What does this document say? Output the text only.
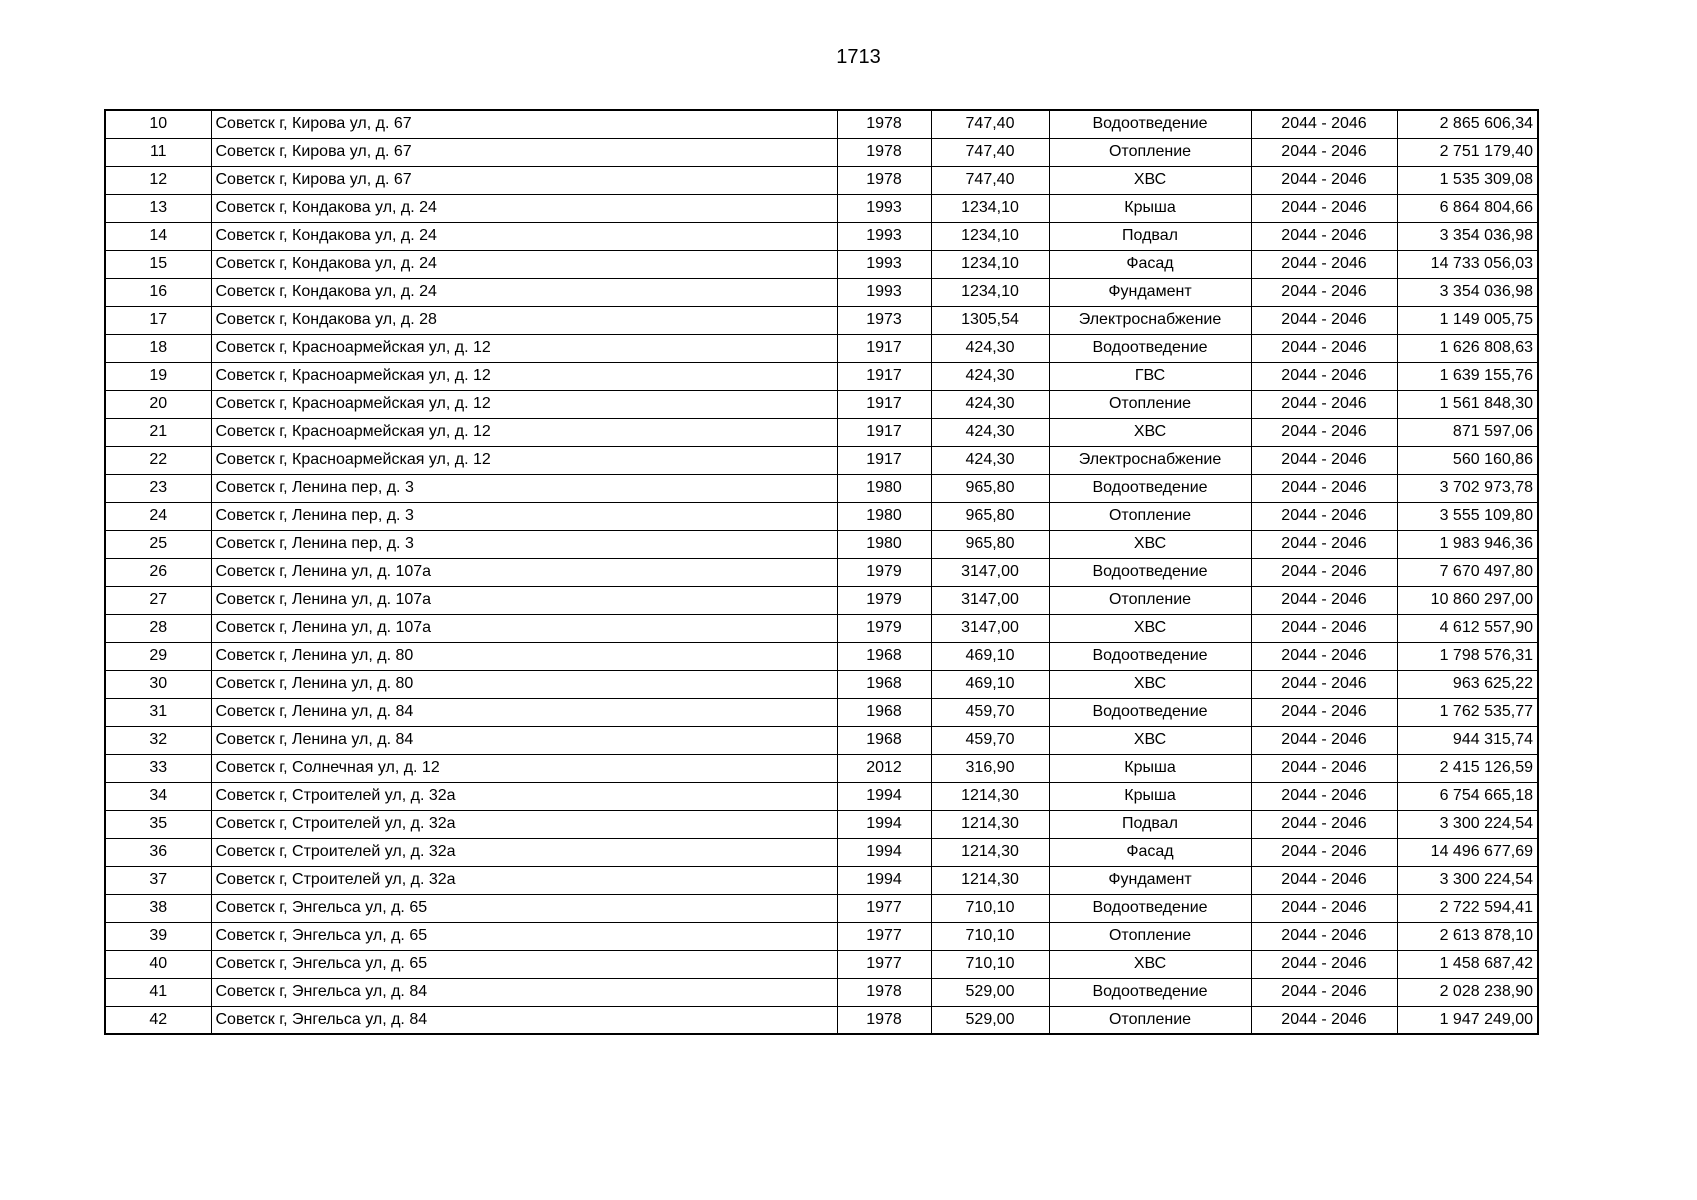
1713
10	Советск г, Кирова ул, д. 67	1978	747,40	Водоотведение	2044 - 2046	2 865 606,34
11	Советск г, Кирова ул, д. 67	1978	747,40	Отопление	2044 - 2046	2 751 179,40
12	Советск г, Кирова ул, д. 67	1978	747,40	ХВС	2044 - 2046	1 535 309,08
13	Советск г, Кондакова ул, д. 24	1993	1234,10	Крыша	2044 - 2046	6 864 804,66
14	Советск г, Кондакова ул, д. 24	1993	1234,10	Подвал	2044 - 2046	3 354 036,98
15	Советск г, Кондакова ул, д. 24	1993	1234,10	Фасад	2044 - 2046	14 733 056,03
16	Советск г, Кондакова ул, д. 24	1993	1234,10	Фундамент	2044 - 2046	3 354 036,98
17	Советск г, Кондакова ул, д. 28	1973	1305,54	Электроснабжение	2044 - 2046	1 149 005,75
18	Советск г, Красноармейская ул, д. 12	1917	424,30	Водоотведение	2044 - 2046	1 626 808,63
19	Советск г, Красноармейская ул, д. 12	1917	424,30	ГВС	2044 - 2046	1 639 155,76
20	Советск г, Красноармейская ул, д. 12	1917	424,30	Отопление	2044 - 2046	1 561 848,30
21	Советск г, Красноармейская ул, д. 12	1917	424,30	ХВС	2044 - 2046	871 597,06
22	Советск г, Красноармейская ул, д. 12	1917	424,30	Электроснабжение	2044 - 2046	560 160,86
23	Советск г, Ленина пер, д. 3	1980	965,80	Водоотведение	2044 - 2046	3 702 973,78
24	Советск г, Ленина пер, д. 3	1980	965,80	Отопление	2044 - 2046	3 555 109,80
25	Советск г, Ленина пер, д. 3	1980	965,80	ХВС	2044 - 2046	1 983 946,36
26	Советск г, Ленина ул, д. 107а	1979	3147,00	Водоотведение	2044 - 2046	7 670 497,80
27	Советск г, Ленина ул, д. 107а	1979	3147,00	Отопление	2044 - 2046	10 860 297,00
28	Советск г, Ленина ул, д. 107а	1979	3147,00	ХВС	2044 - 2046	4 612 557,90
29	Советск г, Ленина ул, д. 80	1968	469,10	Водоотведение	2044 - 2046	1 798 576,31
30	Советск г, Ленина ул, д. 80	1968	469,10	ХВС	2044 - 2046	963 625,22
31	Советск г, Ленина ул, д. 84	1968	459,70	Водоотведение	2044 - 2046	1 762 535,77
32	Советск г, Ленина ул, д. 84	1968	459,70	ХВС	2044 - 2046	944 315,74
33	Советск г, Солнечная ул, д. 12	2012	316,90	Крыша	2044 - 2046	2 415 126,59
34	Советск г, Строителей ул, д. 32а	1994	1214,30	Крыша	2044 - 2046	6 754 665,18
35	Советск г, Строителей ул, д. 32а	1994	1214,30	Подвал	2044 - 2046	3 300 224,54
36	Советск г, Строителей ул, д. 32а	1994	1214,30	Фасад	2044 - 2046	14 496 677,69
37	Советск г, Строителей ул, д. 32а	1994	1214,30	Фундамент	2044 - 2046	3 300 224,54
38	Советск г, Энгельса ул, д. 65	1977	710,10	Водоотведение	2044 - 2046	2 722 594,41
39	Советск г, Энгельса ул, д. 65	1977	710,10	Отопление	2044 - 2046	2 613 878,10
40	Советск г, Энгельса ул, д. 65	1977	710,10	ХВС	2044 - 2046	1 458 687,42
41	Советск г, Энгельса ул, д. 84	1978	529,00	Водоотведение	2044 - 2046	2 028 238,90
42	Советск г, Энгельса ул, д. 84	1978	529,00	Отопление	2044 - 2046	1 947 249,00
